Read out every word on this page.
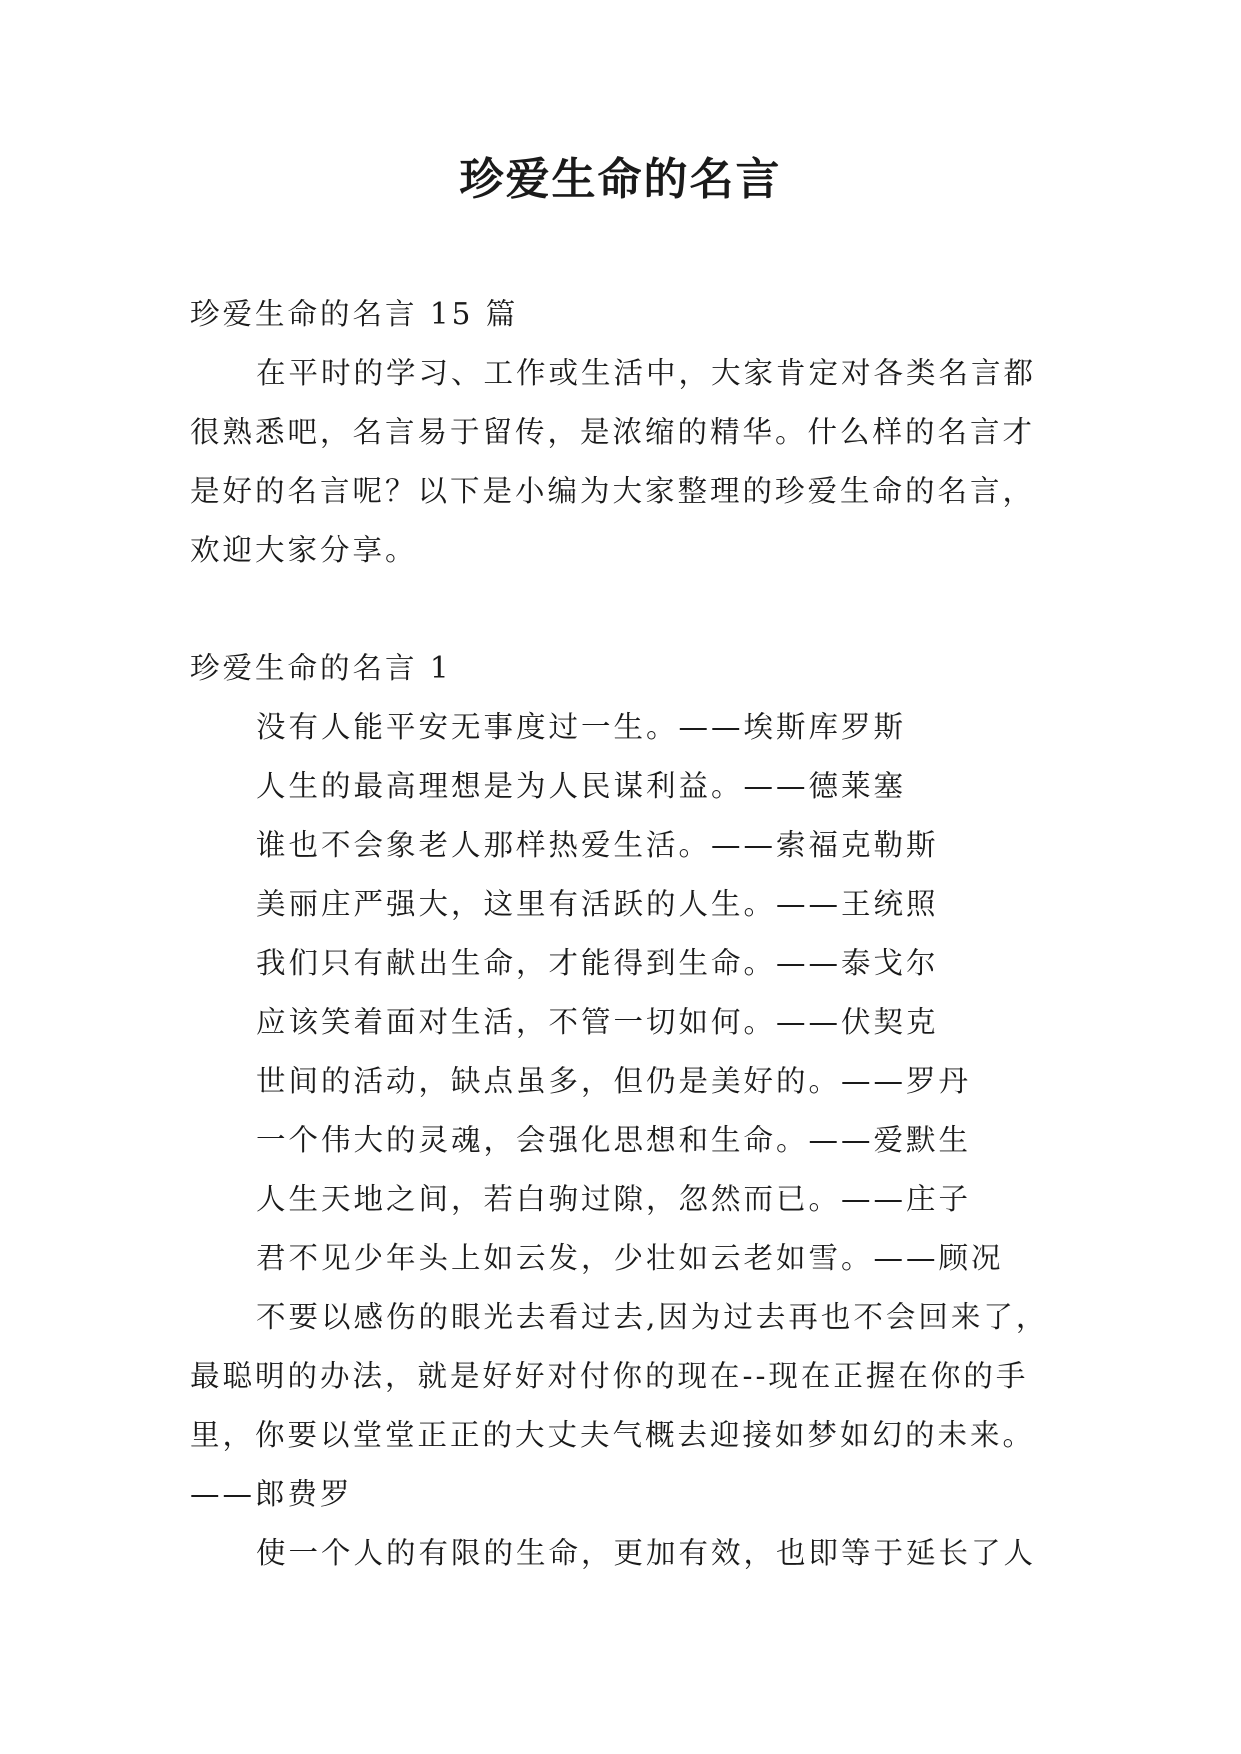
珍爱生命的名言

珍爱生命的名言 15 篇

在平时的学习、工作或生活中，大家肯定对各类名言都

很熟悉吧，名言易于留传，是浓缩的精华。什么样的名言才

是好的名言呢？以下是小编为大家整理的珍爱生命的名言，

欢迎大家分享。

珍爱生命的名言 1

没有人能平安无事度过一生。——埃斯库罗斯

人生的最高理想是为人民谋利益。——德莱塞

谁也不会象老人那样热爱生活。——索福克勒斯

美丽庄严强大，这里有活跃的人生。——王统照

我们只有献出生命，才能得到生命。——泰戈尔

应该笑着面对生活，不管一切如何。——伏契克

世间的活动，缺点虽多，但仍是美好的。——罗丹

一个伟大的灵魂，会强化思想和生命。——爱默生

人生天地之间，若白驹过隙，忽然而已。——庄子

君不见少年头上如云发，少壮如云老如雪。——顾况

不要以感伤的眼光去看过去,因为过去再也不会回来了，

最聪明的办法，就是好好对付你的现在--现在正握在你的手

里，你要以堂堂正正的大丈夫气概去迎接如梦如幻的未来。

——郎费罗

使一个人的有限的生命，更加有效，也即等于延长了人
